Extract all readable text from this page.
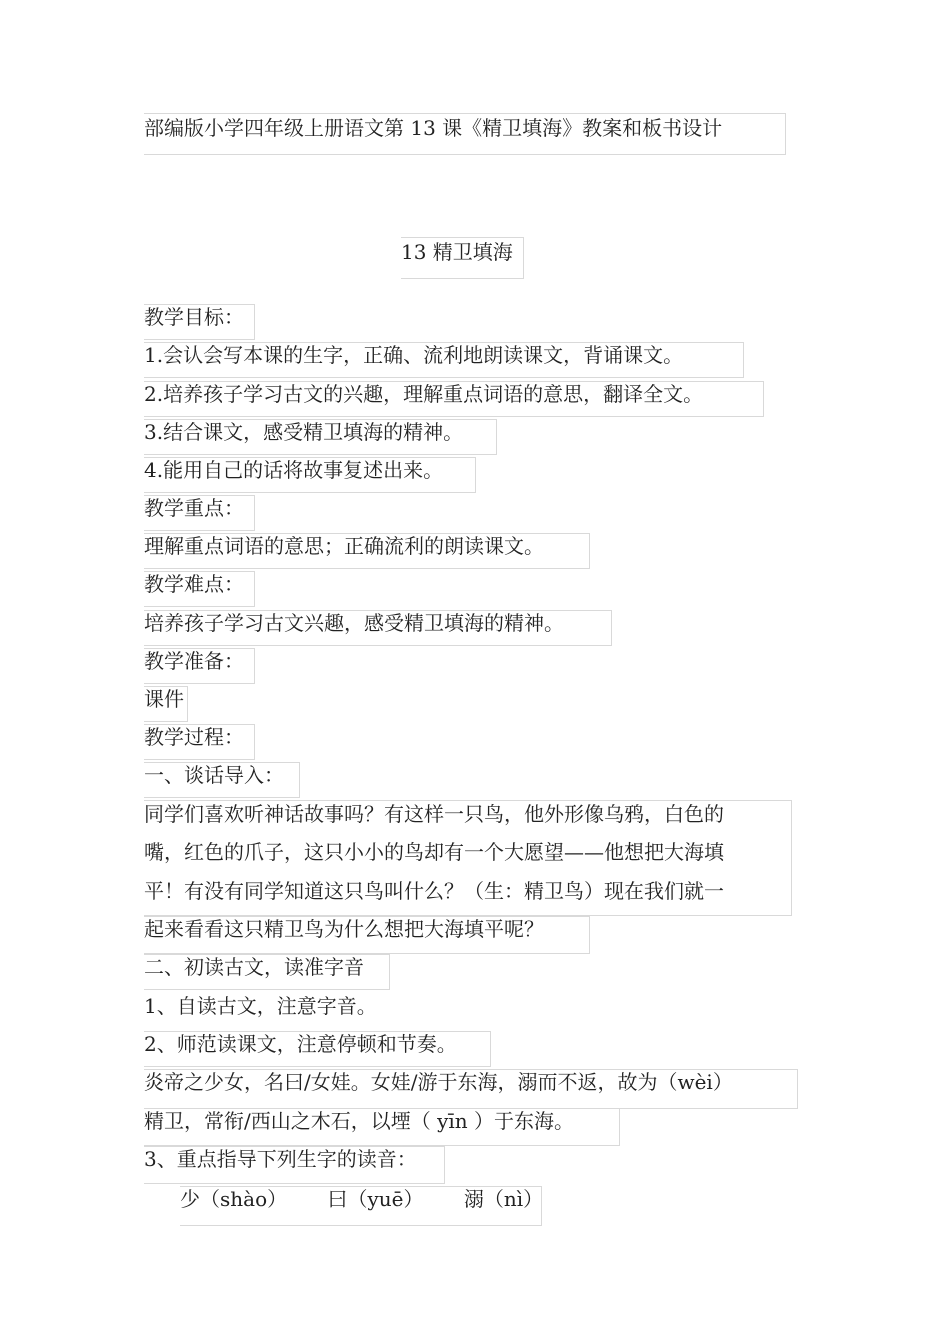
部编版小学四年级上册语文第 13 课《精卫填海》教案和板书设计
13 精卫填海
教学目标：
1.会认会写本课的生字，正确、流利地朗读课文，背诵课文。
2.培养孩子学习古文的兴趣，理解重点词语的意思，翻译全文。
3.结合课文，感受精卫填海的精神。
4.能用自己的话将故事复述出来。
教学重点：
理解重点词语的意思；正确流利的朗读课文。
教学难点：
培养孩子学习古文兴趣，感受精卫填海的精神。
教学准备：
课件
教学过程：
一、谈话导入：
同学们喜欢听神话故事吗？有这样一只鸟，他外形像乌鸦，白色的
嘴，红色的爪子，这只小小的鸟却有一个大愿望——他想把大海填
平！有没有同学知道这只鸟叫什么？（生：精卫鸟）现在我们就一
起来看看这只精卫鸟为什么想把大海填平呢？
二、初读古文，读准字音
1、自读古文，注意字音。
2、师范读课文，注意停顿和节奏。
炎帝之少女，名曰/女娃。女娃/游于东海，溺而不返，故为（wèi）
精卫，常衔/西山之木石，以堙（ yīn ）于东海。
3、重点指导下列生字的读音：
少（shào） 曰（yuē） 溺（nì）
